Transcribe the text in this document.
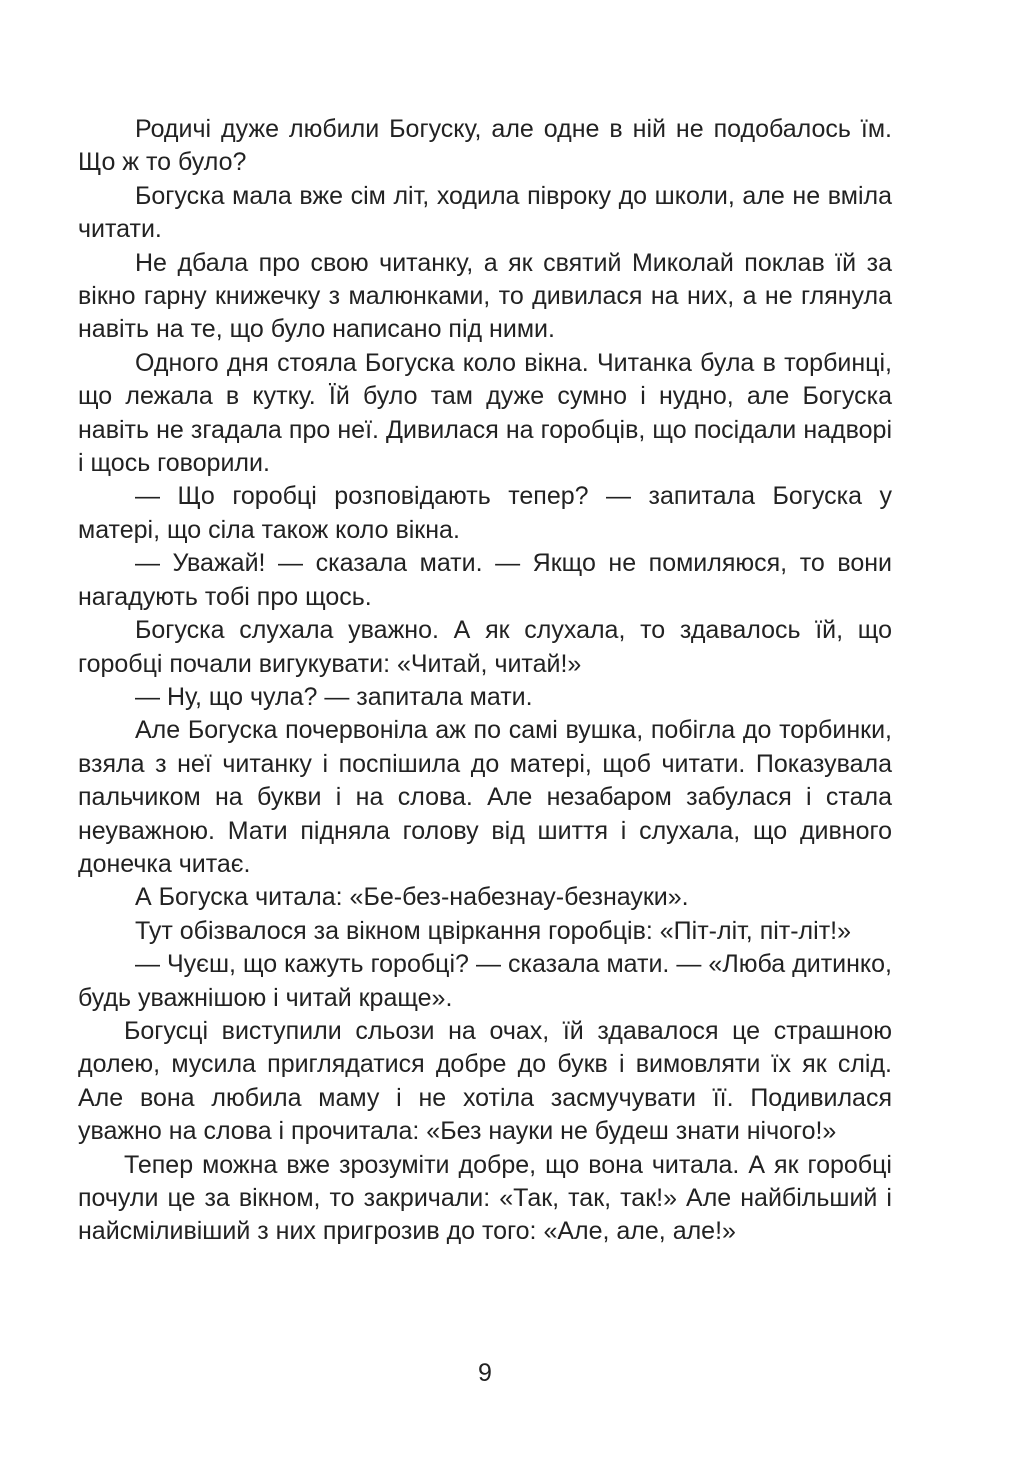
Родичі дуже любили Богуску, але одне в ній не подобалось їм. Що ж то було?

Богуска мала вже сім літ, ходила півроку до школи, але не вміла читати.

Не дбала про свою читанку, а як святий Миколай поклав їй за вікно гарну книжечку з малюнками, то дивилася на них, а не глянула навіть на те, що було написано під ними.

Одного дня стояла Богуска коло вікна. Читанка була в торбинці, що лежала в кутку. Їй було там дуже сумно і нудно, але Богуска навіть не згадала про неї. Дивилася на горобців, що посідали надворі і щось говорили.

— Що горобці розповідають тепер? — запитала Богуска у матері, що сіла також коло вікна.

— Уважай! — сказала мати. — Якщо не помиляюся, то вони нагадують тобі про щось.

Богуска слухала уважно. А як слухала, то здавалось їй, що горобці почали вигукувати: «Читай, читай!»

— Ну, що чула? — запитала мати.

Але Богуска почервоніла аж по самі вушка, побігла до торбинки, взяла з неї читанку і поспішила до матері, щоб читати. Показувала пальчиком на букви і на слова. Але незабаром забулася і стала неуважною. Мати підняла голову від шиття і слухала, що дивного донечка читає.

А Богуска читала: «Бе-без-набезнау-безнауки».

Тут обізвалося за вікном цвіркання горобців: «Піт-літ, піт-літ!»

— Чуєш, що кажуть горобці? — сказала мати. — «Люба дитинко, будь уважнішою і читай краще».

Богусці виступили сльози на очах, їй здавалося це страшною долею, мусила приглядатися добре до букв і вимовляти їх як слід. Але вона любила маму і не хотіла засмучувати її. Подивилася уважно на слова і прочитала: «Без науки не будеш знати нічого!»

Тепер можна вже зрозуміти добре, що вона читала. А як горобці почули це за вікном, то закричали: «Так, так, так!» Але найбільший і найсміливіший з них пригрозив до того: «Але, але, але!»

9
